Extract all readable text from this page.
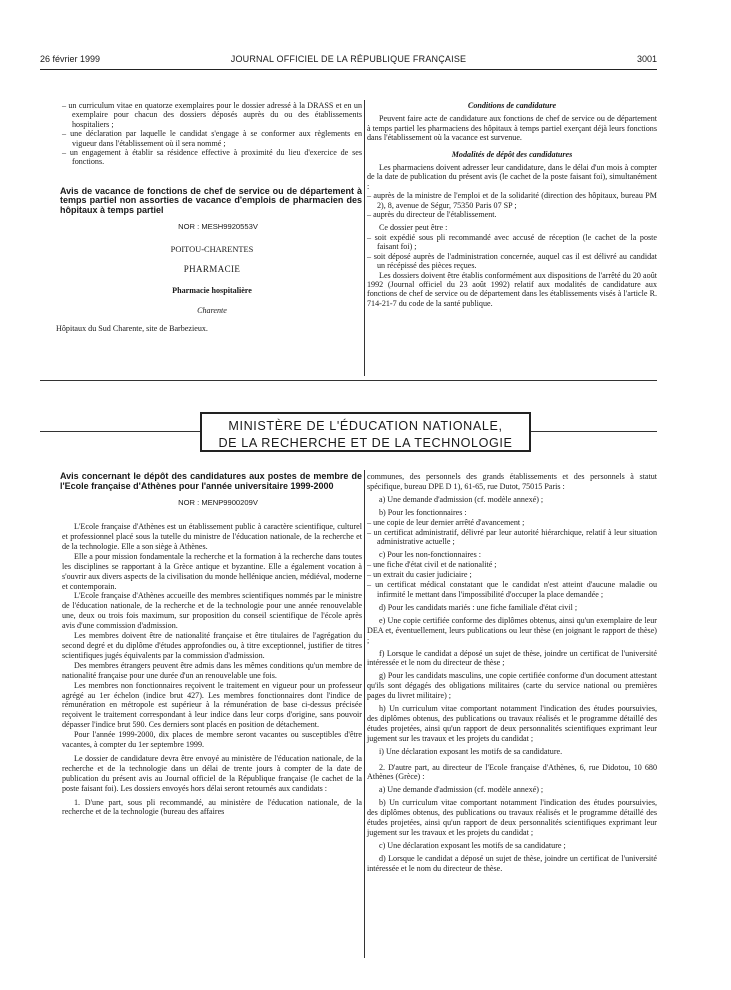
26 février 1999	JOURNAL OFFICIEL DE LA RÉPUBLIQUE FRANÇAISE	3001

– un curriculum vitae en quatorze exemplaires pour le dossier adressé à la DRASS et en un exemplaire pour chacun des dossiers déposés auprès du ou des établissements hospitaliers ;

– une déclaration par laquelle le candidat s'engage à se conformer aux règlements en vigueur dans l'établissement où il sera nommé ;

– un engagement à établir sa résidence effective à proximité du lieu d'exercice de ses fonctions.

Avis de vacance de fonctions de chef de service ou de département à temps partiel non assorties de vacance d'emplois de pharmacien des hôpitaux à temps partiel

NOR : MESH9920553V

POITOU-CHARENTES

PHARMACIE

Pharmacie hospitalière

Charente

Hôpitaux du Sud Charente, site de Barbezieux.

Conditions de candidature

Peuvent faire acte de candidature aux fonctions de chef de service ou de département à temps partiel les pharmaciens des hôpitaux à temps partiel exerçant déjà leurs fonctions dans l'établissement où la vacance est survenue.

Modalités de dépôt des candidatures

Les pharmaciens doivent adresser leur candidature, dans le délai d'un mois à compter de la date de publication du présent avis (le cachet de la poste faisant foi), simultanément :

– auprès de la ministre de l'emploi et de la solidarité (direction des hôpitaux, bureau PM 2), 8, avenue de Ségur, 75350 Paris 07 SP ;

– auprès du directeur de l'établissement.

Ce dossier peut être :

– soit expédié sous pli recommandé avec accusé de réception (le cachet de la poste faisant foi) ;

– soit déposé auprès de l'administration concernée, auquel cas il est délivré au candidat un récépissé des pièces reçues.

Les dossiers doivent être établis conformément aux dispositions de l'arrêté du 20 août 1992 (Journal officiel du 23 août 1992) relatif aux modalités de candidature aux fonctions de chef de service ou de département dans les établissements visés à l'article R. 714-21-7 du code de la santé publique.

MINISTÈRE DE L'ÉDUCATION NATIONALE,
DE LA RECHERCHE ET DE LA TECHNOLOGIE

Avis concernant le dépôt des candidatures aux postes de membre de l'Ecole française d'Athènes pour l'année universitaire 1999-2000

NOR : MENP9900209V

L'Ecole française d'Athènes est un établissement public à caractère scientifique, culturel et professionnel placé sous la tutelle du ministre de l'éducation nationale, de la recherche et de la technologie. Elle a son siège à Athènes.

Elle a pour mission fondamentale la recherche et la formation à la recherche dans toutes les disciplines se rapportant à la Grèce antique et byzantine. Elle a également vocation à s'ouvrir aux divers aspects de la civilisation du monde hellénique ancien, médiéval, moderne et contemporain.

L'Ecole française d'Athènes accueille des membres scientifiques nommés par le ministre de l'éducation nationale, de la recherche et de la technologie pour une année renouvelable une, deux ou trois fois maximum, sur proposition du conseil scientifique de l'école après avis d'une commission d'admission.

Les membres doivent être de nationalité française et être titulaires de l'agrégation du second degré et du diplôme d'études approfondies ou, à titre exceptionnel, justifier de titres scientifiques jugés équivalents par la commission d'admission.

Des membres étrangers peuvent être admis dans les mêmes conditions qu'un membre de nationalité française pour une durée d'un an renouvelable une fois.

Les membres non fonctionnaires reçoivent le traitement en vigueur pour un professeur agrégé au 1er échelon (indice brut 427). Les membres fonctionnaires dont l'indice de rémunération en métropole est supérieur à la rémunération de base ci-dessus précisée reçoivent le traitement correspondant à leur indice dans leur corps d'origine, sans pouvoir dépasser l'indice brut 590. Ces derniers sont placés en position de détachement.

Pour l'année 1999-2000, dix places de membre seront vacantes ou susceptibles d'être vacantes, à compter du 1er septembre 1999.

Le dossier de candidature devra être envoyé au ministère de l'éducation nationale, de la recherche et de la technologie dans un délai de trente jours à compter de la date de publication du présent avis au Journal officiel de la République française (le cachet de la poste faisant foi). Les dossiers envoyés hors délai seront retournés aux candidats :

1. D'une part, sous pli recommandé, au ministère de l'éducation nationale, de la recherche et de la technologie (bureau des affaires

communes, des personnels des grands établissements et des personnels à statut spécifique, bureau DPE D 1), 61-65, rue Dutot, 75015 Paris :

a) Une demande d'admission (cf. modèle annexé) ;

b) Pour les fonctionnaires :

– une copie de leur dernier arrêté d'avancement ;

– un certificat administratif, délivré par leur autorité hiérarchique, relatif à leur situation administrative actuelle ;

c) Pour les non-fonctionnaires :

– une fiche d'état civil et de nationalité ;

– un extrait du casier judiciaire ;

– un certificat médical constatant que le candidat n'est atteint d'aucune maladie ou infirmité le mettant dans l'impossibilité d'occuper la place demandée ;

d) Pour les candidats mariés : une fiche familiale d'état civil ;

e) Une copie certifiée conforme des diplômes obtenus, ainsi qu'un exemplaire de leur DEA et, éventuellement, leurs publications ou leur thèse (en joignant le rapport de thèse) ;

f) Lorsque le candidat a déposé un sujet de thèse, joindre un certificat de l'université intéressée et le nom du directeur de thèse ;

g) Pour les candidats masculins, une copie certifiée conforme d'un document attestant qu'ils sont dégagés des obligations militaires (carte du service national ou premières pages du livret militaire) ;

h) Un curriculum vitae comportant notamment l'indication des études poursuivies, des diplômes obtenus, des publications ou travaux réalisés et le programme détaillé des études projetées, ainsi qu'un rapport de deux personnalités scientifiques exprimant leur jugement sur les travaux et les projets du candidat ;

i) Une déclaration exposant les motifs de sa candidature.

2. D'autre part, au directeur de l'Ecole française d'Athènes, 6, rue Didotou, 10 680 Athènes (Grèce) :

a) Une demande d'admission (cf. modèle annexé) ;

b) Un curriculum vitae comportant notamment l'indication des études poursuivies, des diplômes obtenus, des publications ou travaux réalisés et le programme détaillé des études projetées, ainsi qu'un rapport de deux personnalités scientifiques exprimant leur jugement sur les travaux et les projets du candidat ;

c) Une déclaration exposant les motifs de sa candidature ;

d) Lorsque le candidat a déposé un sujet de thèse, joindre un certificat de l'université intéressée et le nom du directeur de thèse.
